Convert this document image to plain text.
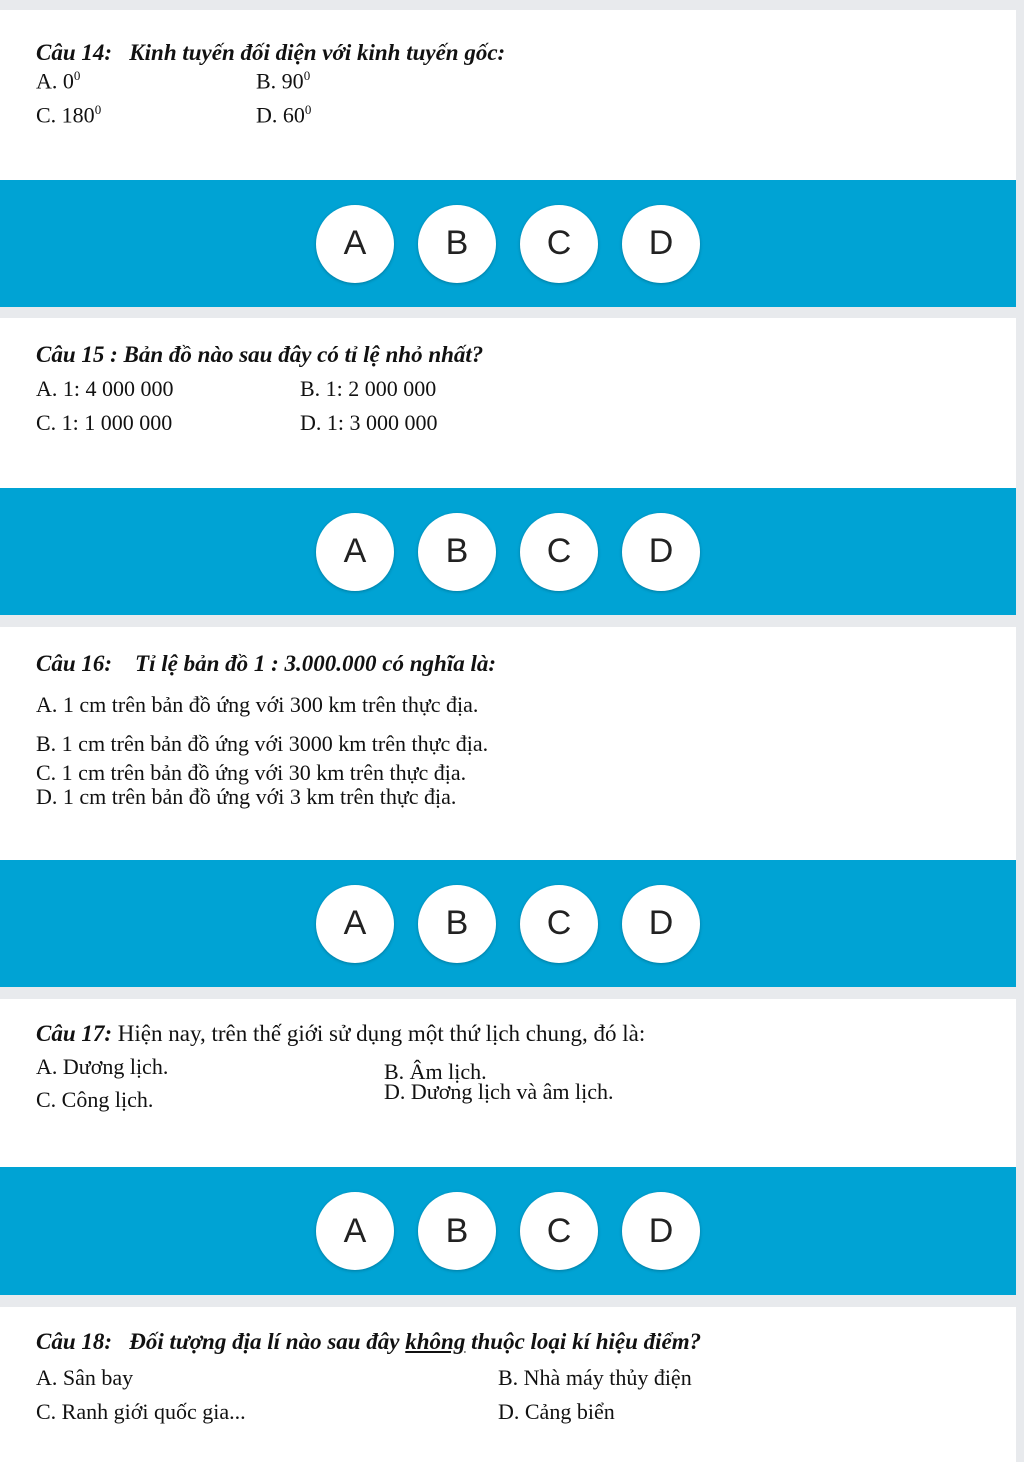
Câu 14: Kinh tuyến đối diện với kinh tuyến gốc:
A. $0^0$	B. $90^0$
C. $180^0$	D. $60^0$
A	B	C	D
Câu 15 : Bản đồ nào sau đây có tỉ lệ nhỏ nhất?
A. 1: 4 000 000	B. 1: 2 000 000
C. 1: 1 000 000	D. 1: 3 000 000
A	B	C	D
Câu 16: Tỉ lệ bản đồ 1 : 3.000.000 có nghĩa là:
A. 1 cm trên bản đồ ứng với 300 km trên thực địa.
B. 1 cm trên bản đồ ứng với 3000 km trên thực địa.
C. 1 cm trên bản đồ ứng với 30 km trên thực địa.
D. 1 cm trên bản đồ ứng với 3 km trên thực địa.
A	B	C	D
Câu 17: Hiện nay, trên thế giới sử dụng một thứ lịch chung, đó là:
A. Dương lịch.	B. Âm lịch.
C. Công lịch.	D. Dương lịch và âm lịch.
A	B	C	D
Câu 18: Đối tượng địa lí nào sau đây không thuộc loại kí hiệu điểm?
A. Sân bay	B. Nhà máy thủy điện
C. Ranh giới quốc gia...	D. Cảng biển
